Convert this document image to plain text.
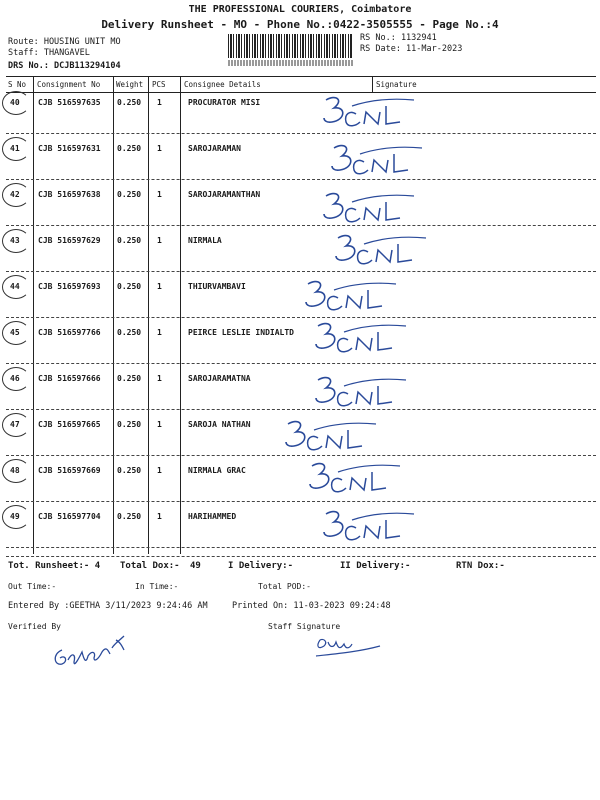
THE PROFESSIONAL COURIERS, Coimbatore
Delivery Runsheet - MO - Phone No.:0422-3505555 - Page No.:4
Route: HOUSING UNIT MO
Staff: THANGAVEL
DRS No.: DCJB113294104
RS No.: 1132941
RS Date: 11-Mar-2023
S No Consignment No Weight PCS Consignee Details	Signature
40 CJB 516597635 0.250 1	PROCURATOR MISI
41 CJB 516597631 0.250 1	SAROJARAMAN
42 CJB 516597638 0.250 1	SAROJARAMANTHAN
43 CJB 516597629 0.250 1	NIRMALA
44 CJB 516597693 0.250 1	THIURVAMBAVI
45 CJB 516597766 0.250 1	PEIRCE LESLIE INDIALTD
46 CJB 516597666 0.250 1	SAROJARAMATNA
47 CJB 516597665 0.250 1	SAROJA NATHAN
48 CJB 516597669 0.250 1	NIRMALA GRAC
49 CJB 516597704 0.250 1	HARIHAMMED
Tot. Runsheet:- 4 Total Dox:- 49	I Delivery:-	II Delivery:-	RTN Dox:-
Out Time:-	In Time:-	Total POD:-
Entered By :GEETHA 3/11/2023 9:24:46 AM	Printed On: 11-03-2023 09:24:48
Verified By	Staff Signature
